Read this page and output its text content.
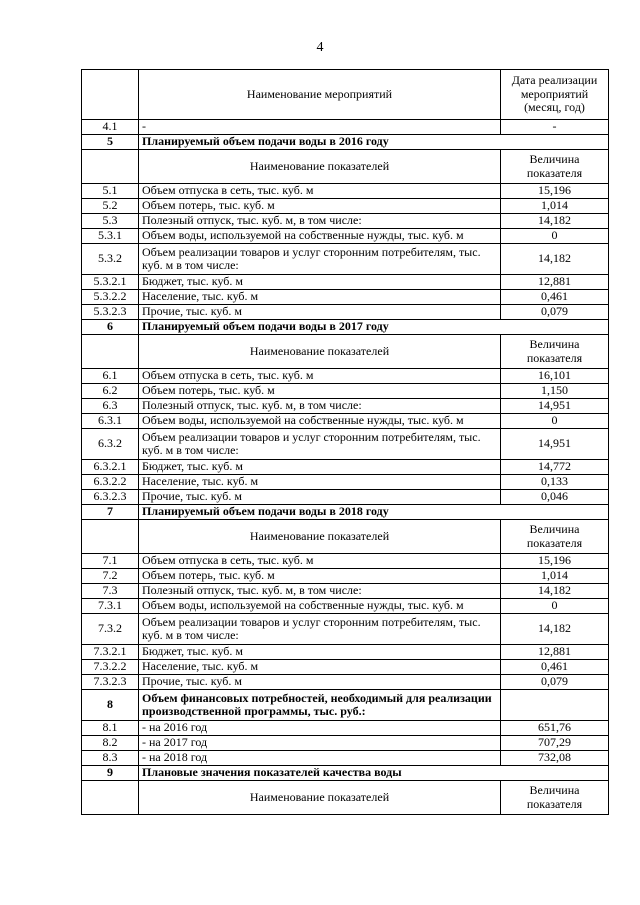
4
	Наименование мероприятий	Дата реализации мероприятий (месяц, год)
4.1	-	-
5	Планируемый объем подачи воды в 2016 году	
	Наименование показателей	Величина показателя
5.1	Объем отпуска в сеть, тыс. куб. м	15,196
5.2	Объем потерь, тыс. куб. м	1,014
5.3	Полезный отпуск, тыс. куб. м, в том числе:	14,182
5.3.1	Объем воды, используемой на собственные нужды, тыс. куб. м	0
5.3.2	Объем реализации товаров и услуг сторонним потребителям, тыс. куб. м в том числе:	14,182
5.3.2.1	Бюджет, тыс. куб. м	12,881
5.3.2.2	Население, тыс. куб. м	0,461
5.3.2.3	Прочие, тыс. куб. м	0,079
6	Планируемый объем подачи воды в 2017 году	
	Наименование показателей	Величина показателя
6.1	Объем отпуска в сеть, тыс. куб. м	16,101
6.2	Объем потерь, тыс. куб. м	1,150
6.3	Полезный отпуск, тыс. куб. м, в том числе:	14,951
6.3.1	Объем воды, используемой на собственные нужды, тыс. куб. м	0
6.3.2	Объем реализации товаров и услуг сторонним потребителям, тыс. куб. м в том числе:	14,951
6.3.2.1	Бюджет, тыс. куб. м	14,772
6.3.2.2	Население, тыс. куб. м	0,133
6.3.2.3	Прочие, тыс. куб. м	0,046
7	Планируемый объем подачи воды в 2018 году	
	Наименование показателей	Величина показателя
7.1	Объем отпуска в сеть, тыс. куб. м	15,196
7.2	Объем потерь, тыс. куб. м	1,014
7.3	Полезный отпуск, тыс. куб. м, в том числе:	14,182
7.3.1	Объем воды, используемой на собственные нужды, тыс. куб. м	0
7.3.2	Объем реализации товаров и услуг сторонним потребителям, тыс. куб. м в том числе:	14,182
7.3.2.1	Бюджет, тыс. куб. м	12,881
7.3.2.2	Население, тыс. куб. м	0,461
7.3.2.3	Прочие, тыс. куб. м	0,079
8	Объем финансовых потребностей, необходимый для реализации производственной программы, тыс. руб.:	
8.1	- на 2016 год	651,76
8.2	- на 2017 год	707,29
8.3	- на 2018 год	732,08
9	Плановые значения показателей качества воды	
	Наименование показателей	Величина показателя
